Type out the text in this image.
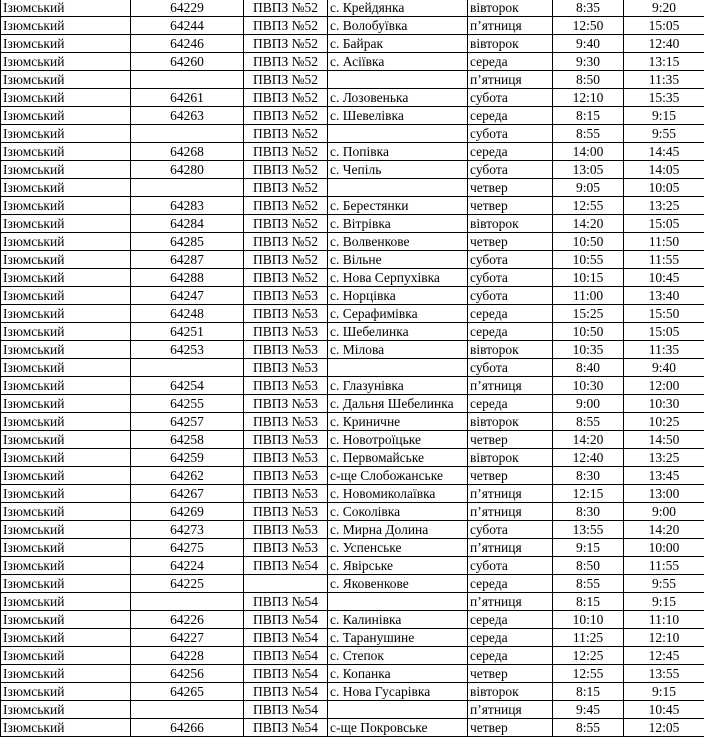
Ізюмський	64229	ПВПЗ №52	с. Крейдянка	вівторок	8:35	9:20
Ізюмський	64244	ПВПЗ №52	с. Волобуївка	п’ятниця	12:50	15:05
Ізюмський	64246	ПВПЗ №52	с. Байрак	вівторок	9:40	12:40
Ізюмський	64260	ПВПЗ №52	с. Асіївка	середа	9:30	13:15
Ізюмський		ПВПЗ №52		п’ятниця	8:50	11:35
Ізюмський	64261	ПВПЗ №52	с. Лозовенька	субота	12:10	15:35
Ізюмський	64263	ПВПЗ №52	с. Шевелівка	середа	8:15	9:15
Ізюмський		ПВПЗ №52		субота	8:55	9:55
Ізюмський	64268	ПВПЗ №52	с. Попівка	середа	14:00	14:45
Ізюмський	64280	ПВПЗ №52	с. Чепіль	субота	13:05	14:05
Ізюмський		ПВПЗ №52		четвер	9:05	10:05
Ізюмський	64283	ПВПЗ №52	с. Берестянки	четвер	12:55	13:25
Ізюмський	64284	ПВПЗ №52	с. Вітрівка	вівторок	14:20	15:05
Ізюмський	64285	ПВПЗ №52	с. Волвенкове	четвер	10:50	11:50
Ізюмський	64287	ПВПЗ №52	с. Вільне	субота	10:55	11:55
Ізюмський	64288	ПВПЗ №52	с. Нова Серпухівка	субота	10:15	10:45
Ізюмський	64247	ПВПЗ №53	с. Норцівка	субота	11:00	13:40
Ізюмський	64248	ПВПЗ №53	с. Серафимівка	середа	15:25	15:50
Ізюмський	64251	ПВПЗ №53	с. Шебелинка	середа	10:50	15:05
Ізюмський	64253	ПВПЗ №53	с. Мілова	вівторок	10:35	11:35
Ізюмський		ПВПЗ №53		субота	8:40	9:40
Ізюмський	64254	ПВПЗ №53	с. Глазунівка	п’ятниця	10:30	12:00
Ізюмський	64255	ПВПЗ №53	с. Дальня Шебелинка	середа	9:00	10:30
Ізюмський	64257	ПВПЗ №53	с. Криничне	вівторок	8:55	10:25
Ізюмський	64258	ПВПЗ №53	с. Новотроїцьке	четвер	14:20	14:50
Ізюмський	64259	ПВПЗ №53	с. Первомайське	вівторок	12:40	13:25
Ізюмський	64262	ПВПЗ №53	с-ще Слобожанське	четвер	8:30	13:45
Ізюмський	64267	ПВПЗ №53	с. Новомиколаївка	п’ятниця	12:15	13:00
Ізюмський	64269	ПВПЗ №53	с. Соколівка	п’ятниця	8:30	9:00
Ізюмський	64273	ПВПЗ №53	с. Мирна Долина	субота	13:55	14:20
Ізюмський	64275	ПВПЗ №53	с. Успенське	п’ятниця	9:15	10:00
Ізюмський	64224	ПВПЗ №54	с. Явірське	субота	8:50	11:55
Ізюмський	64225		с. Яковенкове	середа	8:55	9:55
Ізюмський		ПВПЗ №54		п’ятниця	8:15	9:15
Ізюмський	64226	ПВПЗ №54	с. Калинівка	середа	10:10	11:10
Ізюмський	64227	ПВПЗ №54	с. Таранушине	середа	11:25	12:10
Ізюмський	64228	ПВПЗ №54	с. Степок	середа	12:25	12:45
Ізюмський	64256	ПВПЗ №54	с. Копанка	четвер	12:55	13:55
Ізюмський	64265	ПВПЗ №54	с. Нова Гусарівка	вівторок	8:15	9:15
Ізюмський		ПВПЗ №54		п’ятниця	9:45	10:45
Ізюмський	64266	ПВПЗ №54	с-ще Покровське	четвер	8:55	12:05
